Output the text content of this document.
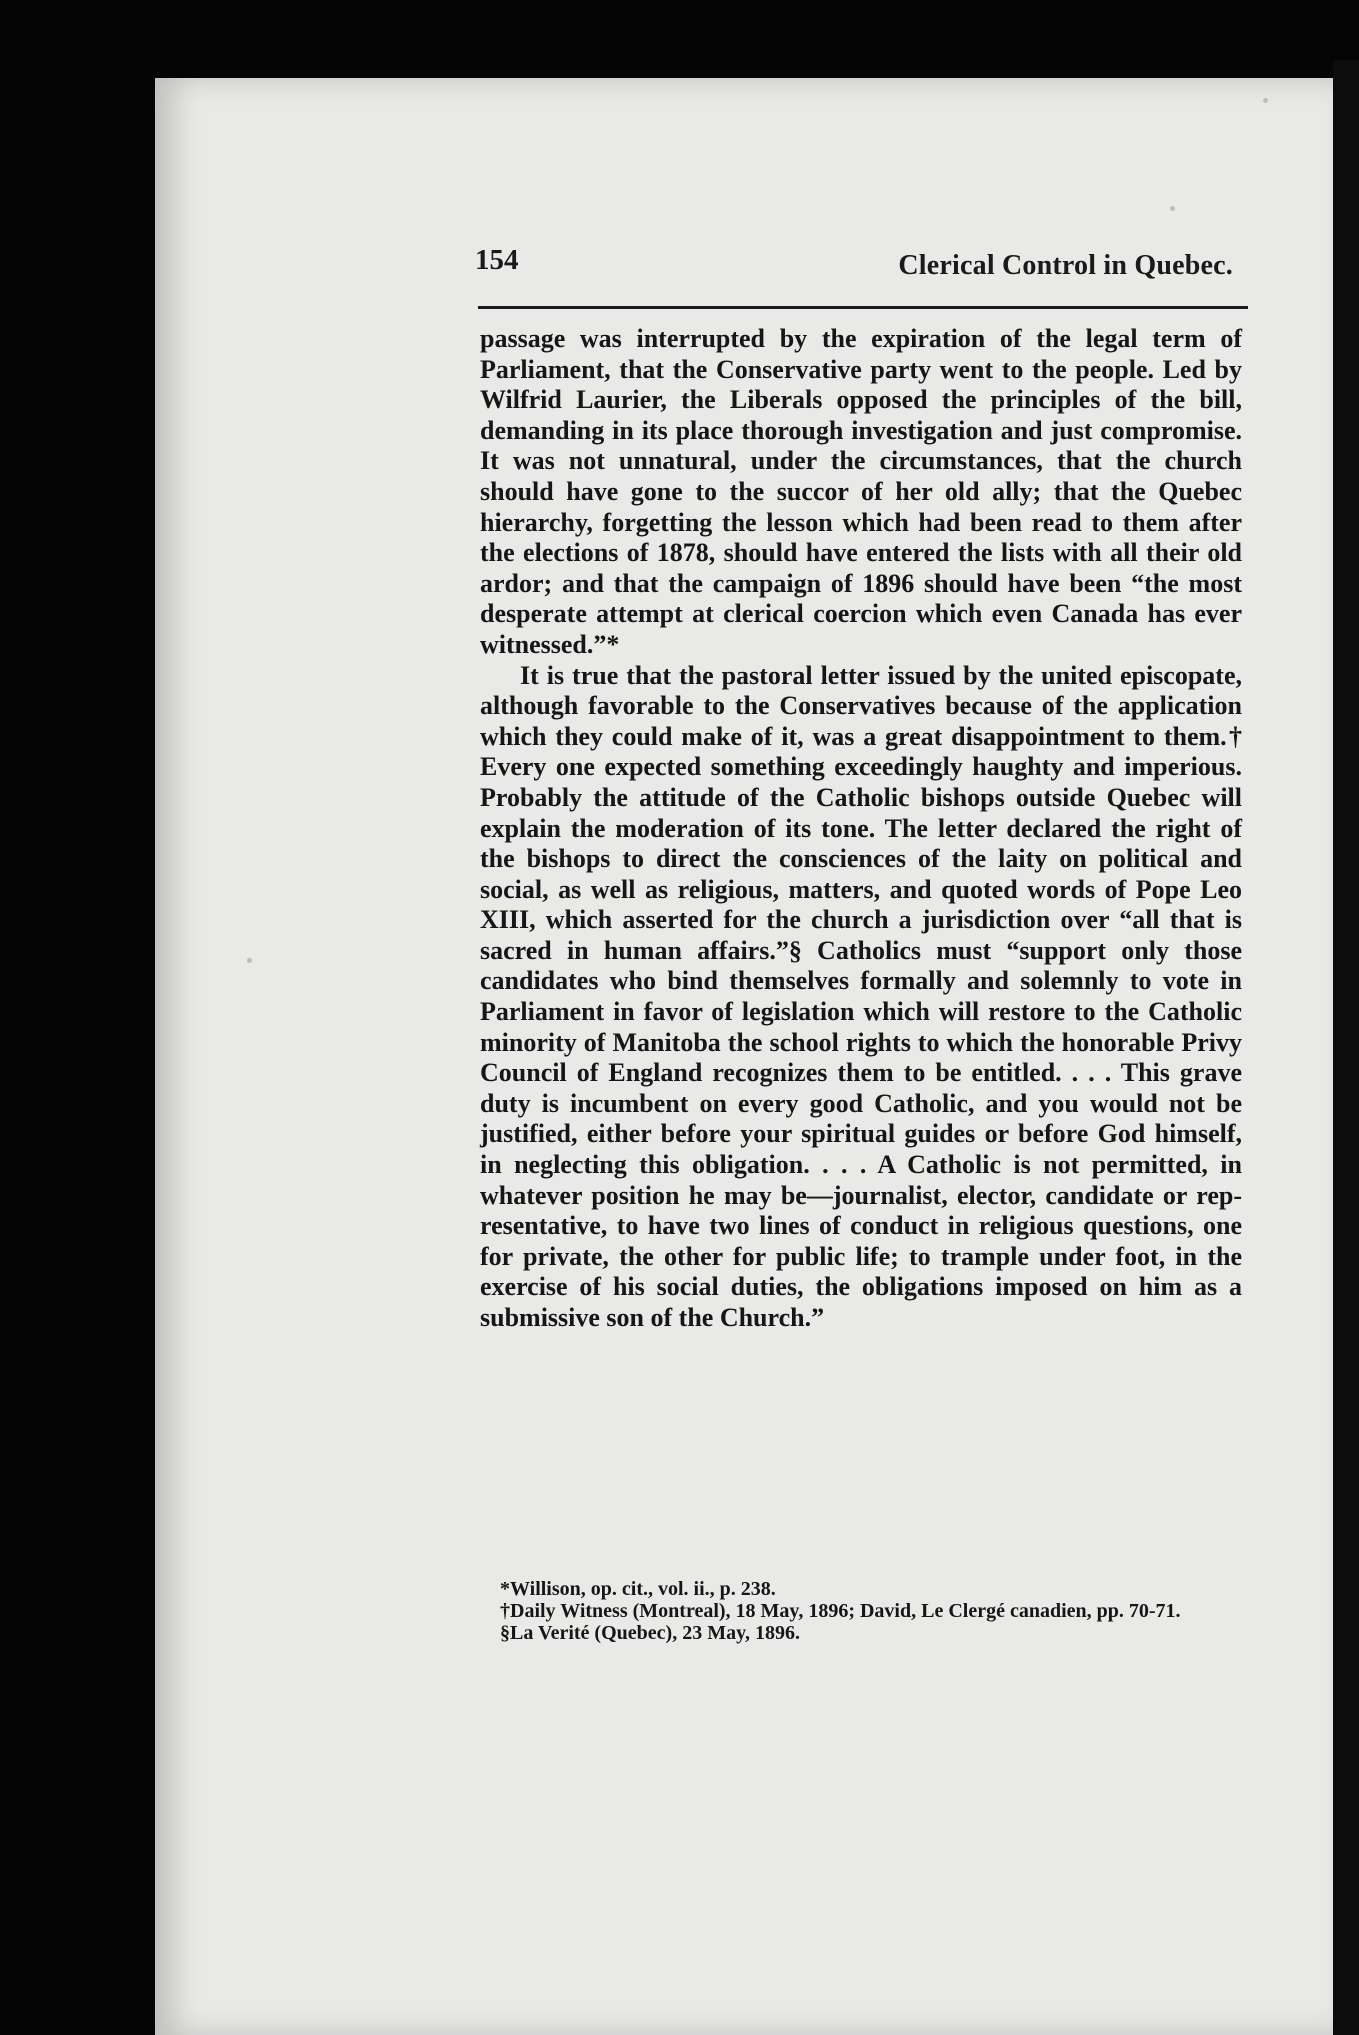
154	Clerical Control in Quebec.

passage was interrupted by the expiration of the legal term of Parliament, that the Conservative party went to the people. Led by Wilfrid Laurier, the Liberals opposed the principles of the bill, demanding in its place thorough investigation and just compromise. It was not unnatural, under the circumstances, that the church should have gone to the succor of her old ally; that the Quebec hierarchy, forgetting the lesson which had been read to them after the elections of 1878, should have entered the lists with all their old ardor; and that the campaign of 1896 should have been “the most desperate attempt at clerical coercion which even Canada has ever witnessed.”*

It is true that the pastoral letter issued by the united episcopate, although favorable to the Conservatives because of the application which they could make of it, was a great disappointment to them.† Every one expected something exceedingly haughty and imperious. Probably the attitude of the Catholic bishops outside Quebec will explain the moderation of its tone. The letter declared the right of the bishops to direct the consciences of the laity on political and social, as well as religious, matters, and quoted words of Pope Leo XIII, which asserted for the church a jurisdiction over “all that is sacred in human affairs.”§ Catholics must “support only those candidates who bind themselves formally and solemnly to vote in Parliament in favor of legislation which will restore to the Catholic minority of Manitoba the school rights to which the honorable Privy Council of England recognizes them to be entitled. . . . This grave duty is incumbent on every good Catholic, and you would not be justified, either before your spiritual guides or before God himself, in neglecting this obligation. . . . A Catholic is not permitted, in whatever position he may be—journalist, elector, candidate or representative, to have two lines of conduct in religious questions, one for private, the other for public life; to trample under foot, in the exercise of his social duties, the obligations imposed on him as a submissive son of the Church.”

*Willison, op. cit., vol. ii., p. 238.

†Daily Witness (Montreal), 18 May, 1896; David, Le Clergé canadien, pp. 70-71.

§La Verité (Quebec), 23 May, 1896.
